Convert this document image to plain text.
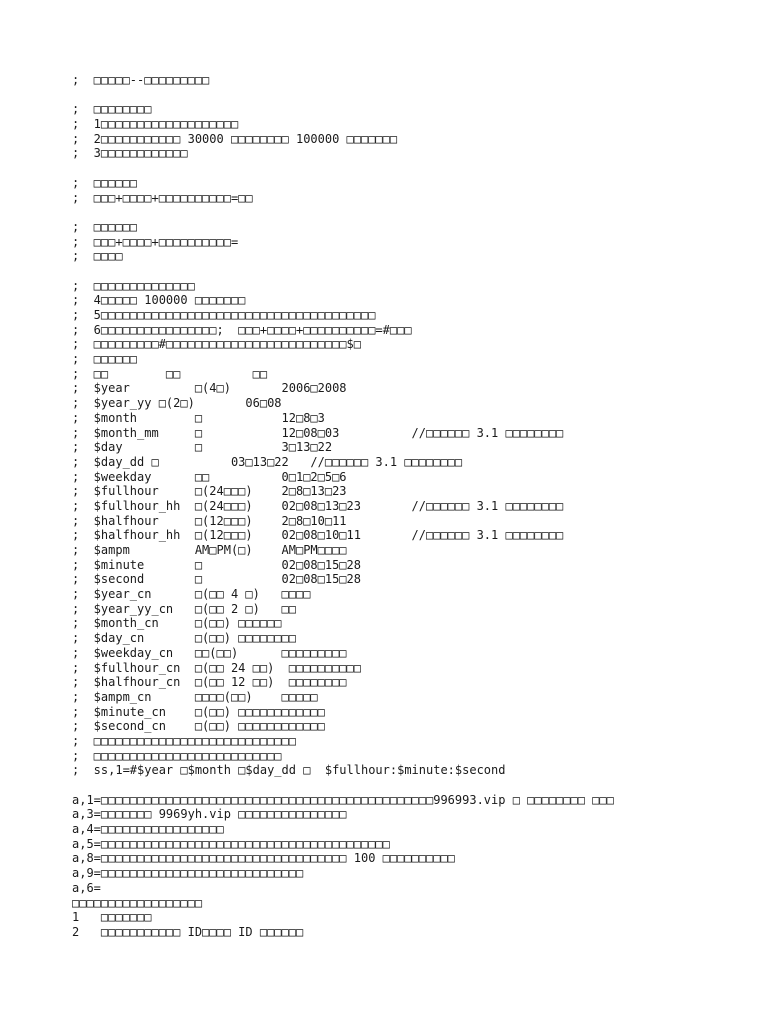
;  □□□□□--□□□□□□□□□
;  □□□□□□□□
;  1□□□□□□□□□□□□□□□□□□□
;  2□□□□□□□□□□□ 30000 □□□□□□□□ 100000 □□□□□□□
;  3□□□□□□□□□□□□
;  □□□□□□
;  □□□+□□□□+□□□□□□□□□□=□□
;  □□□□□□
;  □□□+□□□□+□□□□□□□□□□=
;  □□□□
;  □□□□□□□□□□□□□□
;  4□□□□□ 100000 □□□□□□□
;  5□□□□□□□□□□□□□□□□□□□□□□□□□□□□□□□□□□□□□□
;  6□□□□□□□□□□□□□□□□;  □□□+□□□□+□□□□□□□□□□=#□□□
;  □□□□□□□□□#□□□□□□□□□□□□□□□□□□□□□□□□□$□
;  □□□□□□
;  □□        □□          □□
;  $year         □(4□)       2006□2008
;  $year_yy □(2□)       06□08
;  $month        □           12□8□3
;  $month_mm     □           12□08□03          //□□□□□□ 3.1 □□□□□□□□
;  $day          □           3□13□22
;  $day_dd □          03□13□22   //□□□□□□ 3.1 □□□□□□□□
;  $weekday      □□          0□1□2□5□6
;  $fullhour     □(24□□□)    2□8□13□23
;  $fullhour_hh  □(24□□□)    02□08□13□23       //□□□□□□ 3.1 □□□□□□□□
;  $halfhour     □(12□□□)    2□8□10□11
;  $halfhour_hh  □(12□□□)    02□08□10□11       //□□□□□□ 3.1 □□□□□□□□
;  $ampm         AM□PM(□)    AM□PM□□□□
;  $minute       □           02□08□15□28
;  $second       □           02□08□15□28
;  $year_cn      □(□□ 4 □)   □□□□
;  $year_yy_cn   □(□□ 2 □)   □□
;  $month_cn     □(□□) □□□□□□
;  $day_cn       □(□□) □□□□□□□□
;  $weekday_cn   □□(□□)      □□□□□□□□□
;  $fullhour_cn  □(□□ 24 □□)  □□□□□□□□□□
;  $halfhour_cn  □(□□ 12 □□)  □□□□□□□□
;  $ampm_cn      □□□□(□□)    □□□□□
;  $minute_cn    □(□□) □□□□□□□□□□□□
;  $second_cn    □(□□) □□□□□□□□□□□□
;  □□□□□□□□□□□□□□□□□□□□□□□□□□□□
;  □□□□□□□□□□□□□□□□□□□□□□□□□□
;  ss,1=#$year □$month □$day_dd □  $fullhour:$minute:$second
a,1=□□□□□□□□□□□□□□□□□□□□□□□□□□□□□□□□□□□□□□□□□□□□□□996993.vip □ □□□□□□□□ □□□
a,3=□□□□□□□ 9969yh.vip □□□□□□□□□□□□□□□
a,4=□□□□□□□□□□□□□□□□□
a,5=□□□□□□□□□□□□□□□□□□□□□□□□□□□□□□□□□□□□□□□□
a,8=□□□□□□□□□□□□□□□□□□□□□□□□□□□□□□□□□□ 100 □□□□□□□□□□
a,9=□□□□□□□□□□□□□□□□□□□□□□□□□□□□
a,6=
□□□□□□□□□□□□□□□□□□
1   □□□□□□□
2   □□□□□□□□□□□ ID□□□□ ID □□□□□□
